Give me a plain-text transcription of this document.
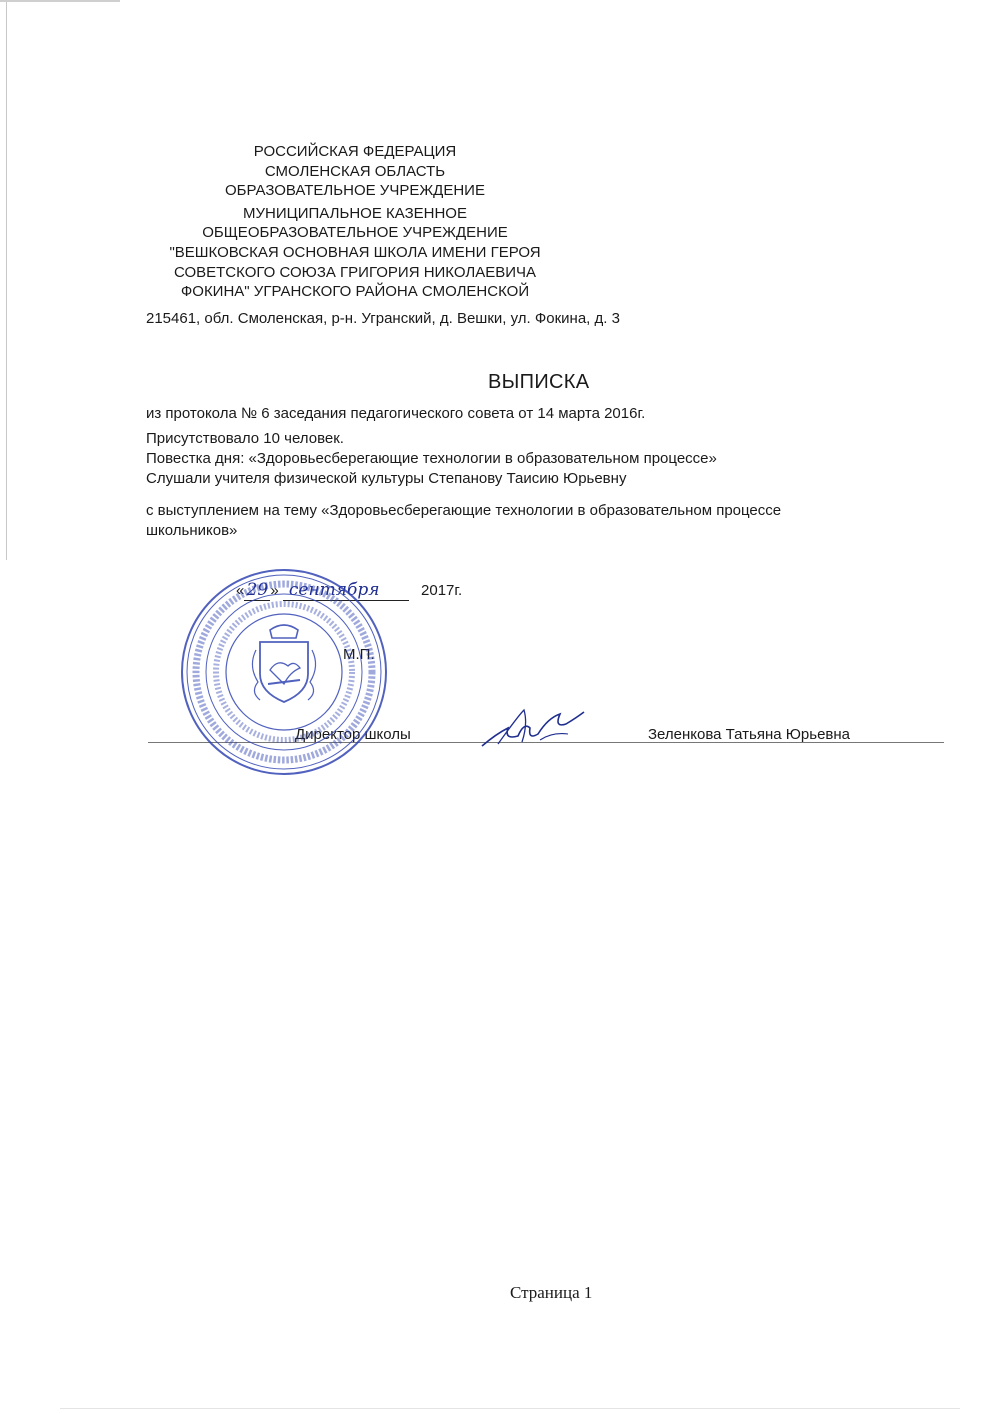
РОССИЙСКАЯ ФЕДЕРАЦИЯ
СМОЛЕНСКАЯ ОБЛАСТЬ
ОБРАЗОВАТЕЛЬНОЕ УЧРЕЖДЕНИЕ
МУНИЦИПАЛЬНОЕ КАЗЕННОЕ
ОБЩЕОБРАЗОВАТЕЛЬНОЕ УЧРЕЖДЕНИЕ
"ВЕШКОВСКАЯ ОСНОВНАЯ ШКОЛА ИМЕНИ ГЕРОЯ
СОВЕТСКОГО СОЮЗА ГРИГОРИЯ НИКОЛАЕВИЧА
ФОКИНА" УГРАНСКОГО РАЙОНА СМОЛЕНСКОЙ
215461, обл. Смоленская, р-н. Угранский, д. Вешки, ул. Фокина, д. 3
ВЫПИСКА
из протокола № 6 заседания педагогического совета от 14 марта 2016г.
Присутствовало 10 человек.
Повестка дня: «Здоровьесберегающие технологии в образовательном процессе»
Слушали учителя физической культуры Степанову Таисию Юрьевну
с выступлением на тему «Здоровьесберегающие технологии в образовательном процессе
школьников»
« 29 » сентября	2017г.
М.П.
Директор школы	Зеленкова Татьяна Юрьевна
Страница 1
